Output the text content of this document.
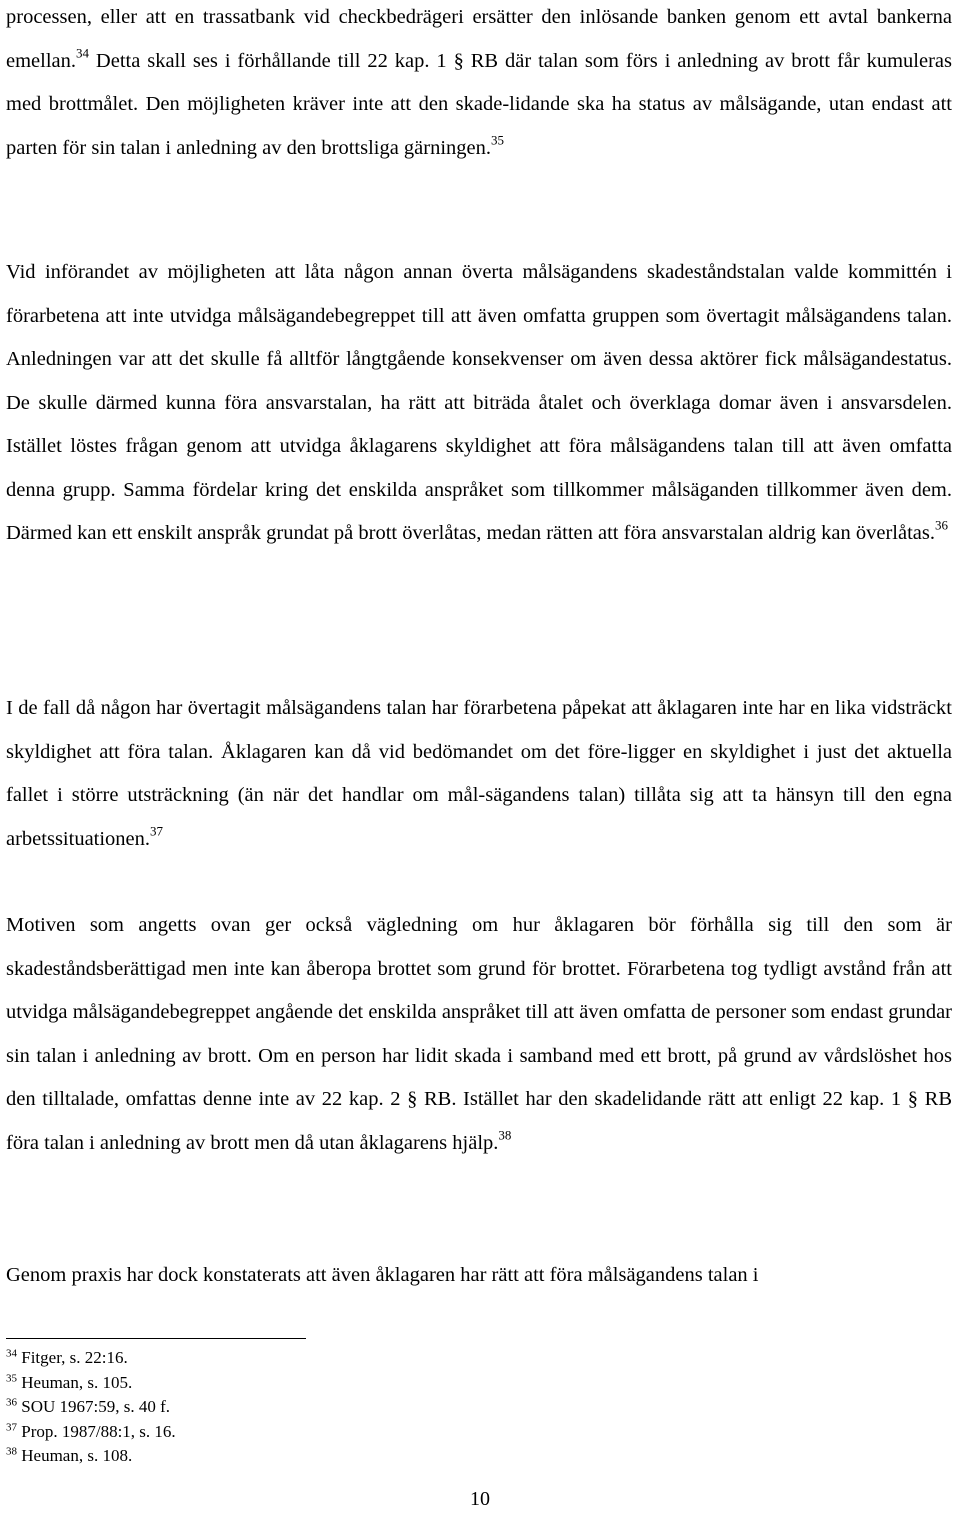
processen, eller att en trassatbank vid checkbedrägeri ersätter den inlösande banken genom ett avtal bankerna emellan.$^{34}$ Detta skall ses i förhållande till 22 kap. 1 § RB där talan som förs i anledning av brott får kumuleras med brottmålet. Den möjligheten kräver inte att den skade-lidande ska ha status av målsägande, utan endast att parten för sin talan i anledning av den brottsliga gärningen.$^{35}$

Vid införandet av möjligheten att låta någon annan överta målsägandens skadeståndstalan valde kommittén i förarbetena att inte utvidga målsägandebegreppet till att även omfatta gruppen som övertagit målsägandens talan. Anledningen var att det skulle få alltför långtgående konsekvenser om även dessa aktörer fick målsägandestatus. De skulle därmed kunna föra ansvarstalan, ha rätt att biträda åtalet och överklaga domar även i ansvarsdelen. Istället löstes frågan genom att utvidga åklagarens skyldighet att föra målsägandens talan till att även omfatta denna grupp. Samma fördelar kring det enskilda anspråket som tillkommer målsäganden tillkommer även dem. Därmed kan ett enskilt anspråk grundat på brott överlåtas, medan rätten att föra ansvarstalan aldrig kan överlåtas.$^{36}$

I de fall då någon har övertagit målsägandens talan har förarbetena påpekat att åklagaren inte har en lika vidsträckt skyldighet att föra talan. Åklagaren kan då vid bedömandet om det före-ligger en skyldighet i just det aktuella fallet i större utsträckning (än när det handlar om mål-sägandens talan) tillåta sig att ta hänsyn till den egna arbetssituationen.$^{37}$

Motiven som angetts ovan ger också vägledning om hur åklagaren bör förhålla sig till den som är skadeståndsberättigad men inte kan åberopa brottet som grund för brottet. Förarbetena tog tydligt avstånd från att utvidga målsägandebegreppet angående det enskilda anspråket till att även omfatta de personer som endast grundar sin talan i anledning av brott. Om en person har lidit skada i samband med ett brott, på grund av vårdslöshet hos den tilltalade, omfattas denne inte av 22 kap. 2 § RB. Istället har den skadelidande rätt att enligt 22 kap. 1 § RB föra talan i anledning av brott men då utan åklagarens hjälp.$^{38}$

Genom praxis har dock konstaterats att även åklagaren har rätt att föra målsägandens talan i

$^{34}$ Fitger, s. 22:16.

$^{35}$ Heuman, s. 105.

$^{36}$ SOU 1967:59, s. 40 f.

$^{37}$ Prop. 1987/88:1, s. 16.

$^{38}$ Heuman, s. 108.

10
